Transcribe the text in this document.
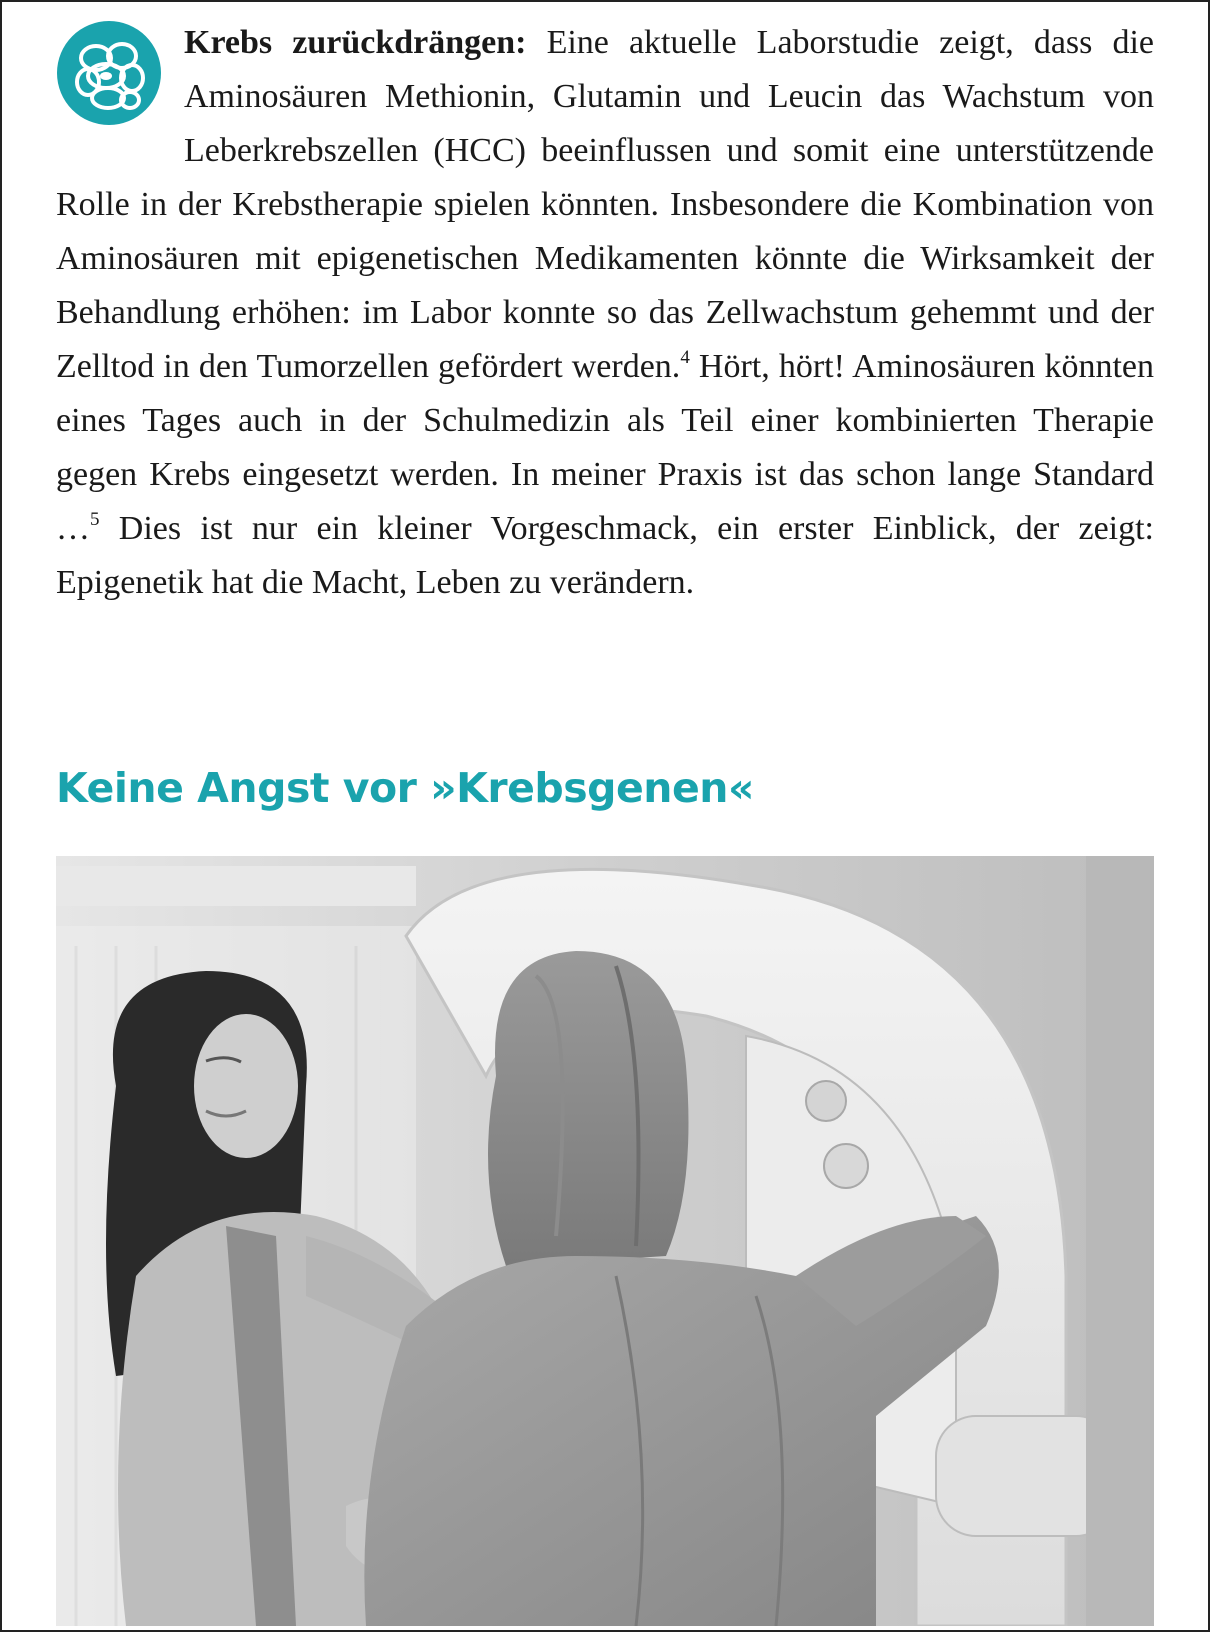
Krebs zurückdrängen: Eine aktuelle Laborstudie zeigt, dass die Aminosäuren Methionin, Glutamin und Leucin das Wachstum von Leberkrebszellen (HCC) beeinflussen und somit eine unterstützende Rolle in der Krebstherapie spielen könnten. Insbesondere die Kombination von Aminosäuren mit epigenetischen Medikamenten könnte die Wirksamkeit der Behandlung erhöhen: im Labor konnte so das Zellwachstum gehemmt und der Zelltod in den Tumorzellen gefördert werden.$^4$ Hört, hört! Aminosäuren könnten eines Tages auch in der Schulmedizin als Teil einer kombinierten Therapie gegen Krebs eingesetzt werden. In meiner Praxis ist das schon lange Standard …$^5$ Dies ist nur ein kleiner Vorgeschmack, ein erster Einblick, der zeigt: Epigenetik hat die Macht, Leben zu verändern.
Keine Angst vor »Krebsgenen«
